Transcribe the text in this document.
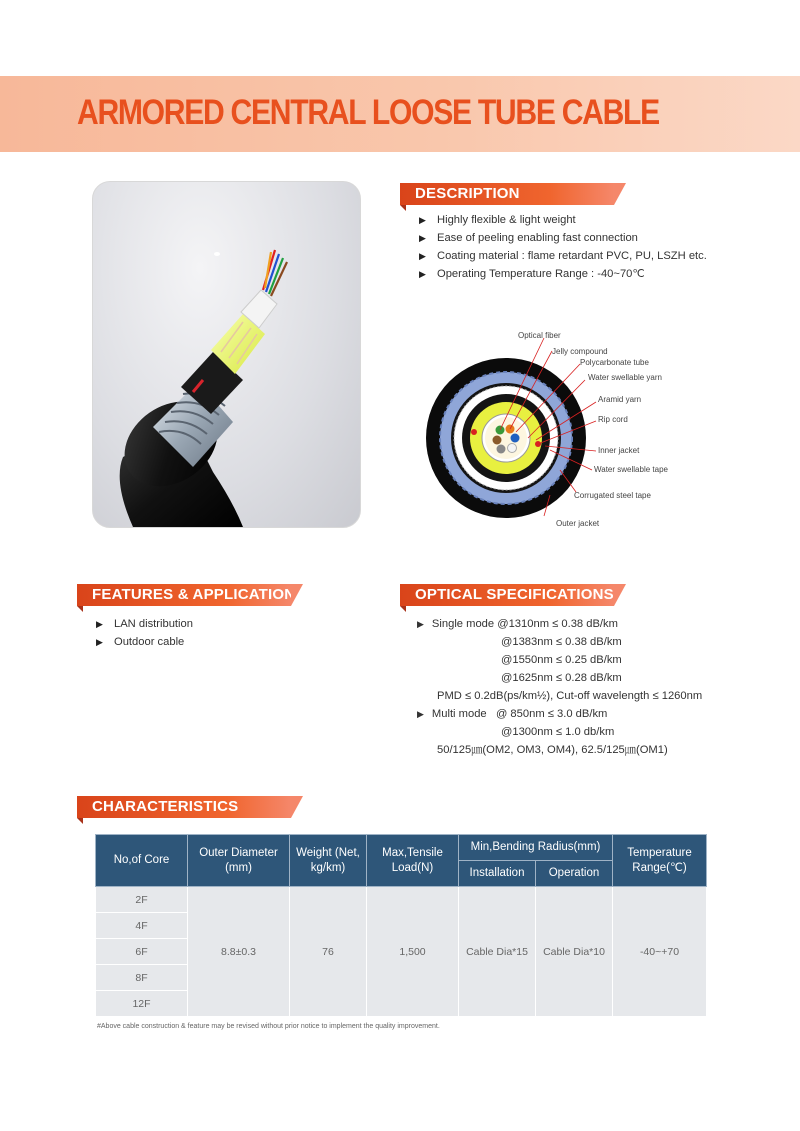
ARMORED CENTRAL LOOSE TUBE CABLE
DESCRIPTION
▶ Highly flexible & light weight
▶ Ease of peeling enabling fast connection
▶ Coating material : flame retardant PVC, PU, LSZH etc.
▶ Operating Temperature Range : -40~70℃
Optical fiber
Jelly compound
Polycarbonate tube
Water swellable yarn
Aramid yarn
Rip cord
Inner jacket
Water swellable tape
Corrugated steel tape
Outer jacket
FEATURES & APPLICATIONS
▶ LAN distribution
▶ Outdoor cable
OPTICAL SPECIFICATIONS
▶ Single mode @1310nm ≤ 0.38 dB/km
@1383nm ≤ 0.38 dB/km
@1550nm ≤ 0.25 dB/km
@1625nm ≤ 0.28 dB/km
PMD ≤ 0.2dB(ps/km½), Cut-off wavelength ≤ 1260nm
▶ Multi mode   @ 850nm ≤ 3.0 dB/km
@1300nm ≤ 1.0 db/km
50/125㎛(OM2, OM3, OM4), 62.5/125㎛(OM1)
CHARACTERISTICS
No,of Core	Outer Diameter (mm)	Weight (Net, kg/km)	Max,Tensile Load(N)	Min,Bending Radius(mm)		Temperature Range(℃)
				Installation	Operation	
2F	8.8±0.3	76	1,500	Cable Dia*15	Cable Dia*10	-40~+70
4F						
6F						
8F						
12F						
#Above cable construction & feature may be revised without prior notice to implement the quality improvement.
